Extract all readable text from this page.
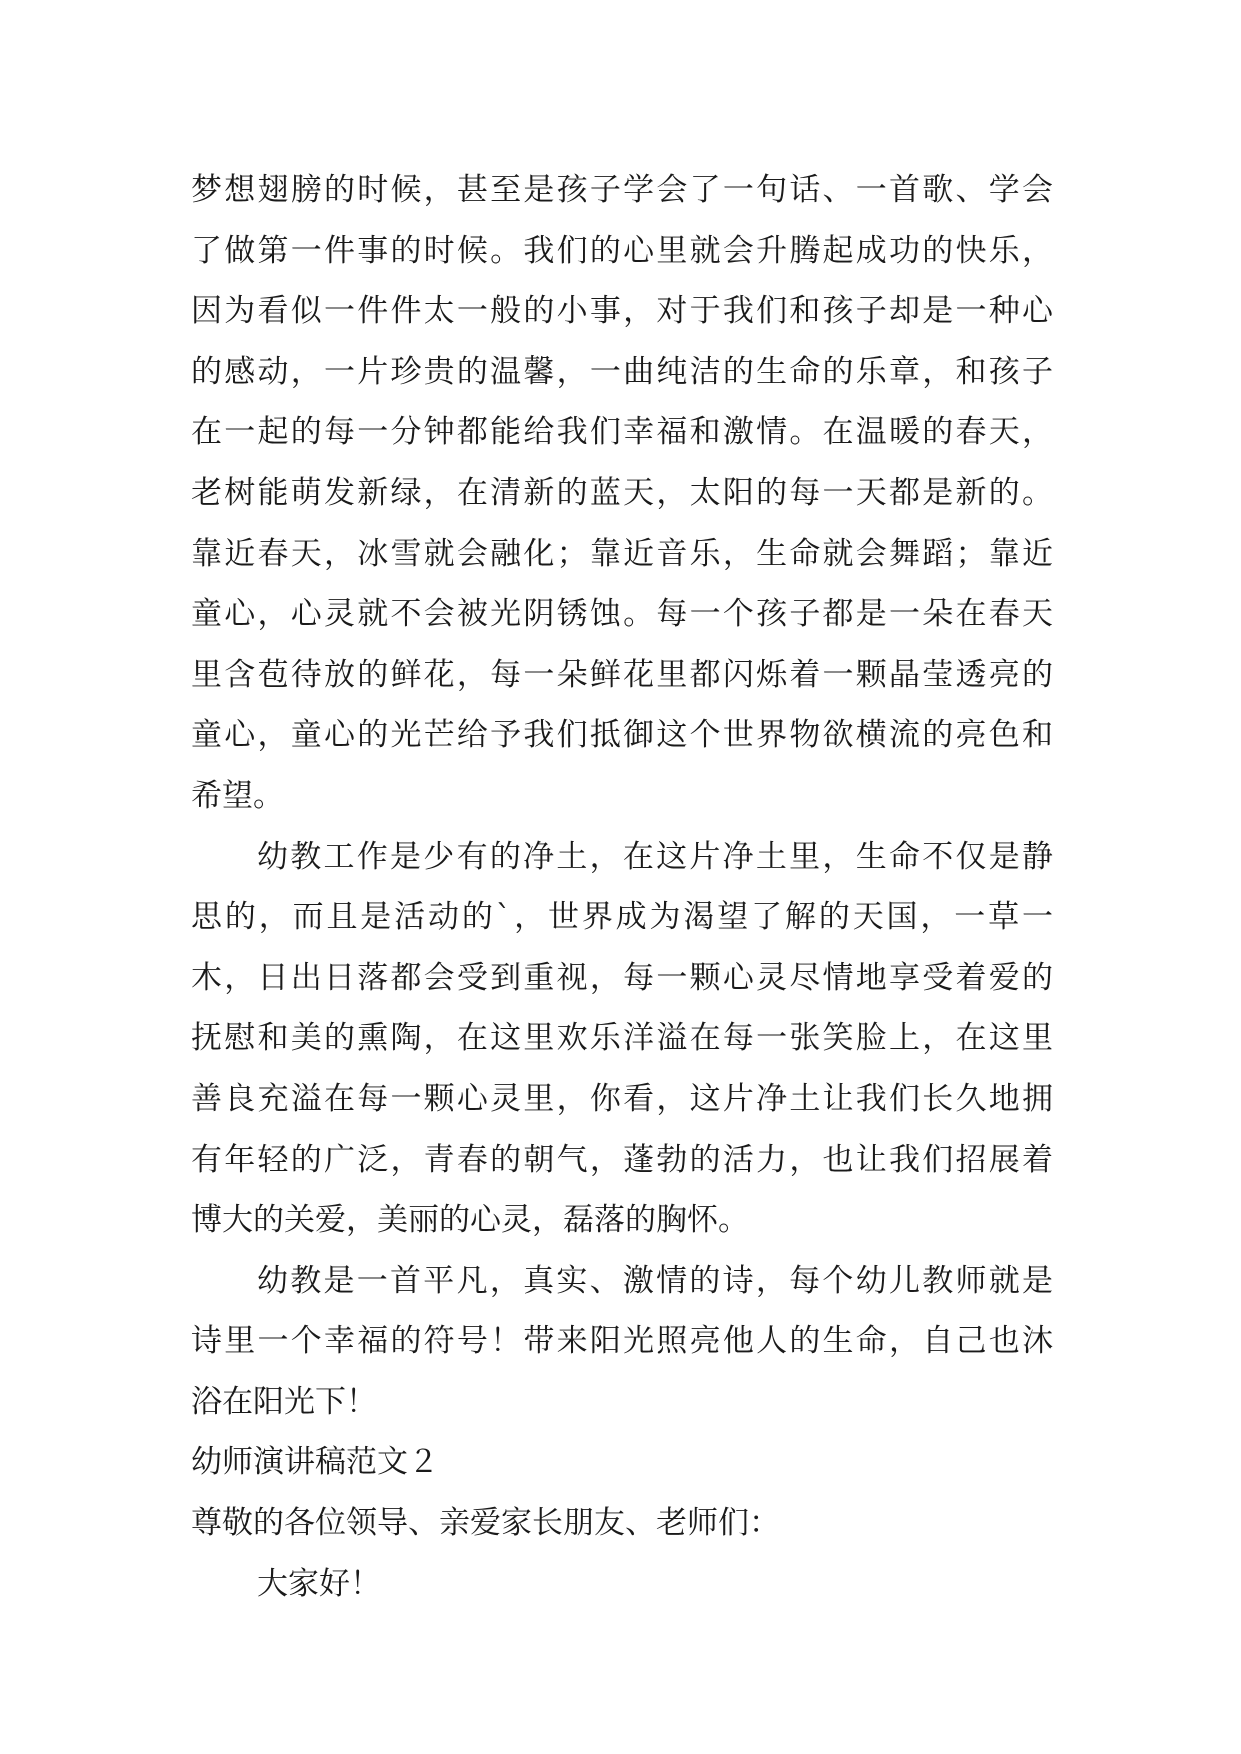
梦想翅膀的时候，甚至是孩子学会了一句话、一首歌、学会
了做第一件事的时候。我们的心里就会升腾起成功的快乐，
因为看似一件件太一般的小事，对于我们和孩子却是一种心
的感动，一片珍贵的温馨，一曲纯洁的生命的乐章，和孩子
在一起的每一分钟都能给我们幸福和激情。在温暖的春天，
老树能萌发新绿，在清新的蓝天，太阳的每一天都是新的。
靠近春天，冰雪就会融化；靠近音乐，生命就会舞蹈；靠近
童心，心灵就不会被光阴锈蚀。每一个孩子都是一朵在春天
里含苞待放的鲜花，每一朵鲜花里都闪烁着一颗晶莹透亮的
童心，童心的光芒给予我们抵御这个世界物欲横流的亮色和
希望。
幼教工作是少有的净土，在这片净土里，生命不仅是静
思的，而且是活动的`，世界成为渴望了解的天国，一草一
木，日出日落都会受到重视，每一颗心灵尽情地享受着爱的
抚慰和美的熏陶，在这里欢乐洋溢在每一张笑脸上，在这里
善良充溢在每一颗心灵里，你看，这片净土让我们长久地拥
有年轻的广泛，青春的朝气，蓬勃的活力，也让我们招展着
博大的关爱，美丽的心灵，磊落的胸怀。
幼教是一首平凡，真实、激情的诗，每个幼儿教师就是
诗里一个幸福的符号！带来阳光照亮他人的生命，自己也沐
浴在阳光下！
幼师演讲稿范文２
尊敬的各位领导、亲爱家长朋友、老师们：
大家好！
